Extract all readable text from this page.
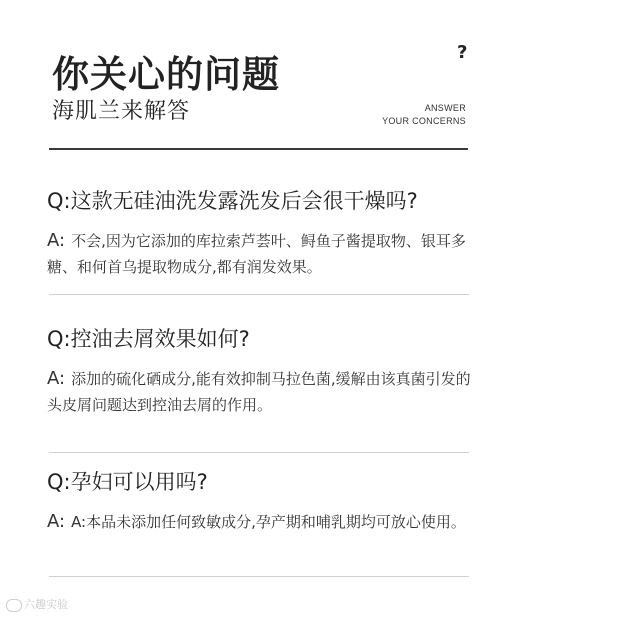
你关心的问题
海肌兰来解答
?
ANSWER
YOUR CONCERNS
Q:这款无硅油洗发露洗发后会很干燥吗?
A: 不会,因为它添加的库拉索芦荟叶、鲟鱼子酱提取物、银耳多糖、和何首乌提取物成分,都有润发效果。
Q:控油去屑效果如何?
A: 添加的硫化硒成分,能有效抑制马拉色菌,缓解由该真菌引发的头皮屑问题达到控油去屑的作用。
Q:孕妇可以用吗?
A: A:本品未添加任何致敏成分,孕产期和哺乳期均可放心使用。
六趣实验
